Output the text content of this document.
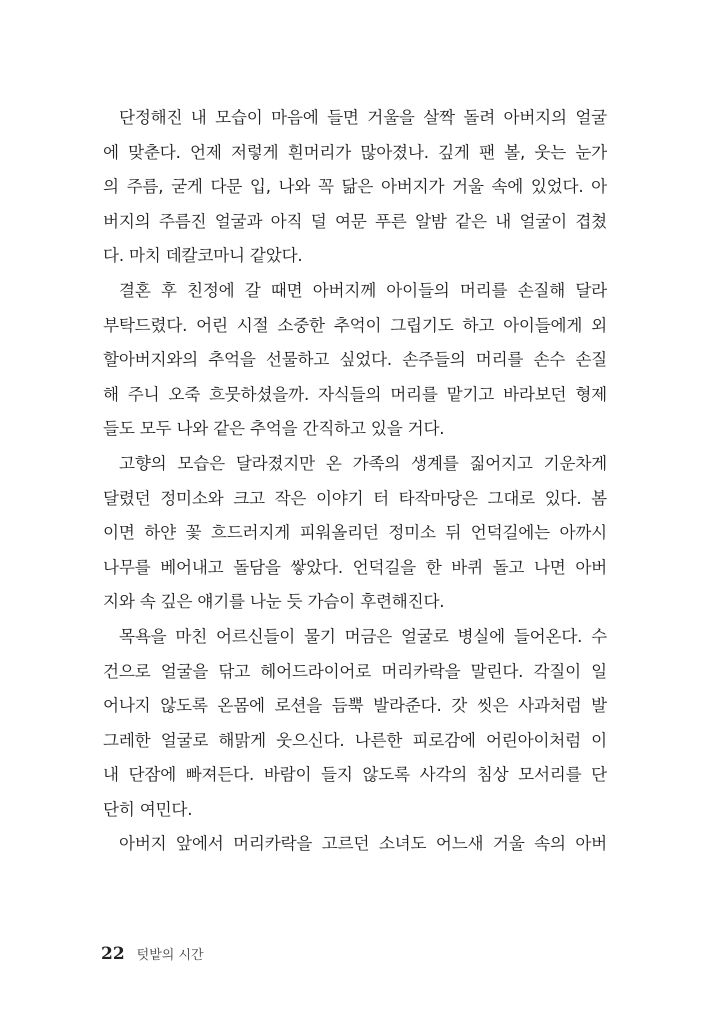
단정해진 내 모습이 마음에 들면 거울을 살짝 돌려 아버지의 얼굴
에 맞춘다. 언제 저렇게 흰머리가 많아졌나. 깊게 팬 볼, 웃는 눈가
의 주름, 굳게 다문 입, 나와 꼭 닮은 아버지가 거울 속에 있었다. 아
버지의 주름진 얼굴과 아직 덜 여문 푸른 알밤 같은 내 얼굴이 겹쳤
다. 마치 데칼코마니 같았다.
결혼 후 친정에 갈 때면 아버지께 아이들의 머리를 손질해 달라
부탁드렸다. 어린 시절 소중한 추억이 그립기도 하고 아이들에게 외
할아버지와의 추억을 선물하고 싶었다. 손주들의 머리를 손수 손질
해 주니 오죽 흐뭇하셨을까. 자식들의 머리를 맡기고 바라보던 형제
들도 모두 나와 같은 추억을 간직하고 있을 거다.
고향의 모습은 달라졌지만 온 가족의 생계를 짊어지고 기운차게
달렸던 정미소와 크고 작은 이야기 터 타작마당은 그대로 있다. 봄
이면 하얀 꽃 흐드러지게 피워올리던 정미소 뒤 언덕길에는 아까시
나무를 베어내고 돌담을 쌓았다. 언덕길을 한 바퀴 돌고 나면 아버
지와 속 깊은 얘기를 나눈 듯 가슴이 후련해진다.
목욕을 마친 어르신들이 물기 머금은 얼굴로 병실에 들어온다. 수
건으로 얼굴을 닦고 헤어드라이어로 머리카락을 말린다. 각질이 일
어나지 않도록 온몸에 로션을 듬뿍 발라준다. 갓 씻은 사과처럼 발
그레한 얼굴로 해맑게 웃으신다. 나른한 피로감에 어린아이처럼 이
내 단잠에 빠져든다. 바람이 들지 않도록 사각의 침상 모서리를 단
단히 여민다.
아버지 앞에서 머리카락을 고르던 소녀도 어느새 거울 속의 아버
22 텃밭의 시간
